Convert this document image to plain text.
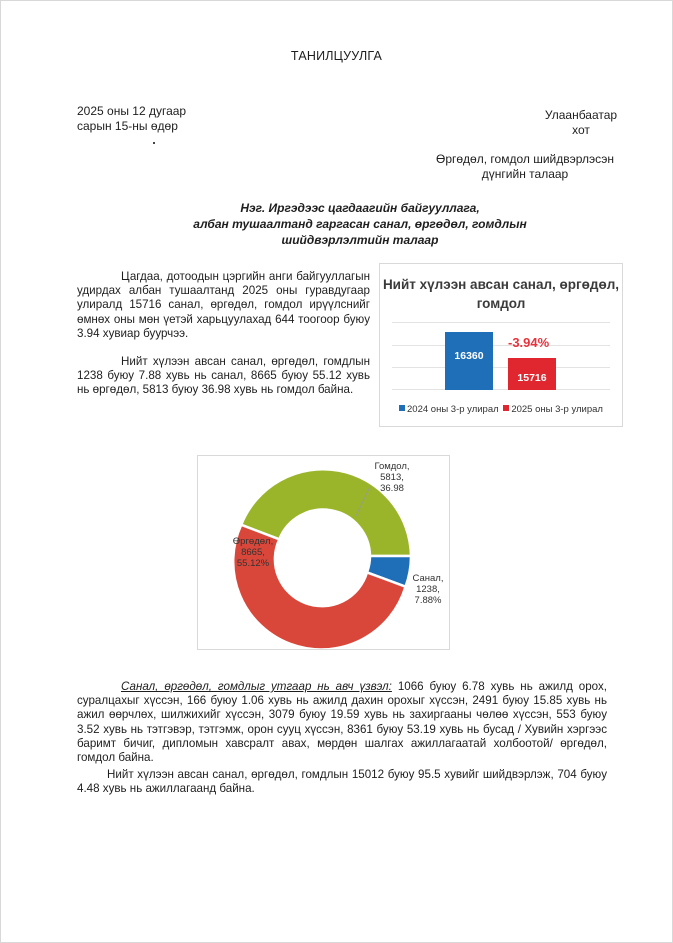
ТАНИЛЦУУЛГА
2025 оны 12 дугаар
сарын 15-ны өдөр
Улаанбаатар
хот
Өргөдөл, гомдол шийдвэрлэсэн
дүнгийн талаар
Нэг. Иргэдээс цагдаагийн байгууллага,
албан тушаалтанд гаргасан санал, өргөдөл, гомдлын
шийдвэрлэлтийн талаар
Цагдаа, дотоодын цэргийн анги байгууллагын удирдах албан тушаалтанд 2025 оны гуравдугаар улиралд 15716 санал, өргөдөл, гомдол ирүүлснийг өмнөх оны мөн үетэй харьцуулахад 644 тоогоор буюу 3.94 хувиар буурчээ.
Нийт хүлээн авсан санал, өргөдөл, гомдлын 1238 буюу 7.88 хувь нь санал, 8665 буюу 55.12 хувь нь өргөдөл, 5813 буюу 36.98 хувь нь гомдол байна.
Нийт хүлээн авсан санал, өргөдөл, гомдол
16360
15716
-3.94%
2024 оны 3-р улирал 2025 оны 3-р улирал
Гомдол,
5813,
36.98
Өргөдөл,
8665,
55.12%
Санал,
1238,
7.88%
Санал, өргөдөл, гомдлыг утгаар нь авч үзвэл: 1066 буюу 6.78 хувь нь ажилд орох, суралцахыг хүссэн, 166 буюу 1.06 хувь нь ажилд дахин орохыг хүссэн, 2491 буюу 15.85 хувь нь ажил өөрчлөх, шилжихийг хүссэн, 3079 буюу 19.59 хувь нь захиргааны чөлөө хүссэн, 553 буюу 3.52 хувь нь тэтгэвэр, тэтгэмж, орон сууц хүссэн, 8361 буюу 53.19 хувь нь бусад / Хувийн хэргээс баримт бичиг, дипломын хавсралт авах, мөрдөн шалгах ажиллагаатай холбоотой/ өргөдөл, гомдол байна.
Нийт хүлээн авсан санал, өргөдөл, гомдлын 15012 буюу 95.5 хувийг шийдвэрлэж, 704 буюу 4.48 хувь нь ажиллагаанд байна.
